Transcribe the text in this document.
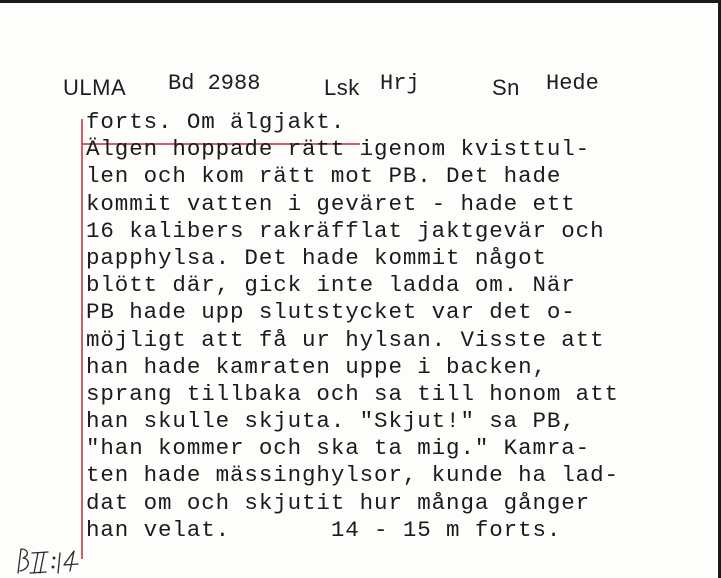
ULMA Bd 2988	Lsk Hrj	Sn Hede
forts. Om älgjakt.
Älgen hoppade rätt igenom kvisttul-
len och kom rätt mot PB. Det hade
kommit vatten i geväret - hade ett
16 kalibers rakräfflat jaktgevär och
papphylsa. Det hade kommit något
blött där, gick inte ladda om. När
PB hade upp slutstycket var det o-
möjligt att få ur hylsan. Visste att
han hade kamraten uppe i backen,
sprang tillbaka och sa till honom att
han skulle skjuta. "Skjut!" sa PB,
"han kommer och ska ta mig." Kamra-
ten hade mässinghylsor, kunde ha lad-
dat om och skjutit hur många gånger
han velat.       14 - 15 m forts.
